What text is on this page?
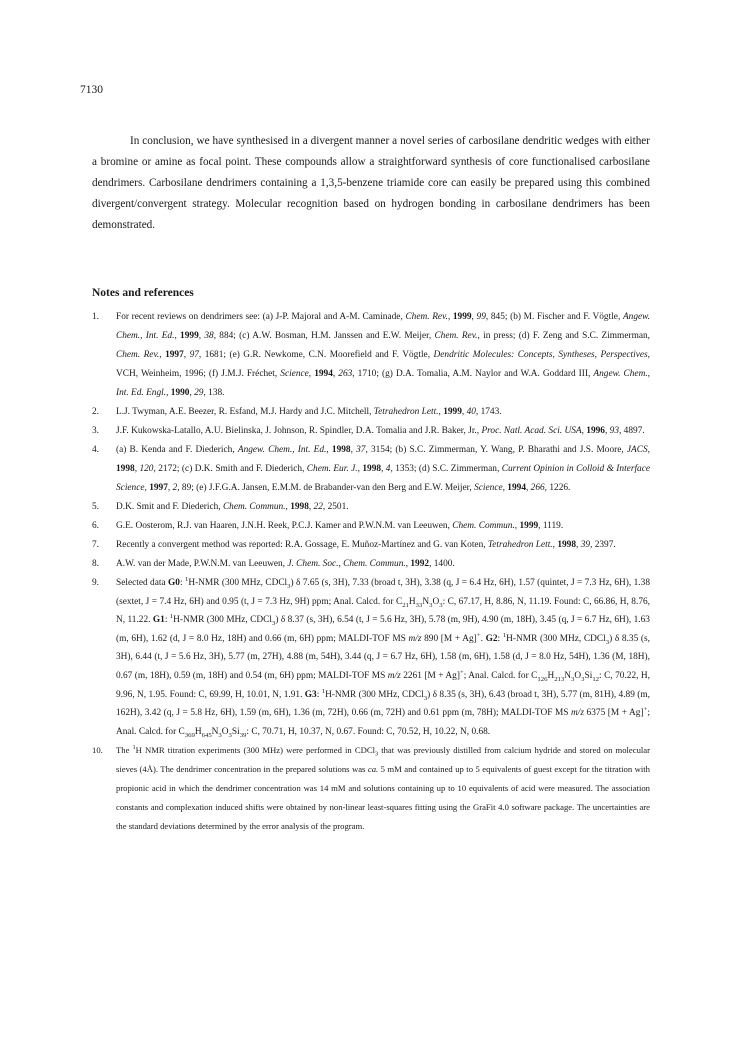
7130

In conclusion, we have synthesised in a divergent manner a novel series of carbosilane dendritic wedges with either a bromine or amine as focal point. These compounds allow a straightforward synthesis of core functionalised carbosilane dendrimers. Carbosilane dendrimers containing a 1,3,5-benzene triamide core can easily be prepared using this combined divergent/convergent strategy. Molecular recognition based on hydrogen bonding in carbosilane dendrimers has been demonstrated.

Notes and references
1.	For recent reviews on dendrimers see: (a) J-P. Majoral and A-M. Caminade, Chem. Rev., 1999, 99, 845; (b) M. Fischer and F. Vögtle, Angew. Chem., Int. Ed., 1999, 38, 884; (c) A.W. Bosman, H.M. Janssen and E.W. Meijer, Chem. Rev., in press; (d) F. Zeng and S.C. Zimmerman, Chem. Rev., 1997, 97, 1681; (e) G.R. Newkome, C.N. Moorefield and F. Vögtle, Dendritic Molecules: Concepts, Syntheses, Perspectives, VCH, Weinheim, 1996; (f) J.M.J. Fréchet, Science, 1994, 263, 1710; (g) D.A. Tomalia, A.M. Naylor and W.A. Goddard III, Angew. Chem., Int. Ed. Engl., 1990, 29, 138.
2.	L.J. Twyman, A.E. Beezer, R. Esfand, M.J. Hardy and J.C. Mitchell, Tetrahedron Lett., 1999, 40, 1743.
3.	J.F. Kukowska-Latallo, A.U. Bielinska, J. Johnson, R. Spindler, D.A. Tomalia and J.R. Baker, Jr., Proc. Natl. Acad. Sci. USA, 1996, 93, 4897.
4.	(a) B. Kenda and F. Diederich, Angew. Chem., Int. Ed., 1998, 37, 3154; (b) S.C. Zimmerman, Y. Wang, P. Bharathi and J.S. Moore, JACS, 1998, 120, 2172; (c) D.K. Smith and F. Diederich, Chem. Eur. J., 1998, 4, 1353; (d) S.C. Zimmerman, Current Opinion in Colloid & Interface Science, 1997, 2, 89; (e) J.F.G.A. Jansen, E.M.M. de Brabander-van den Berg and E.W. Meijer, Science, 1994, 266, 1226.
5.	D.K. Smit and F. Diederich, Chem. Commun., 1998, 22, 2501.
6.	G.E. Oosterom, R.J. van Haaren, J.N.H. Reek, P.C.J. Kamer and P.W.N.M. van Leeuwen, Chem. Commun., 1999, 1119.
7.	Recently a convergent method was reported: R.A. Gossage, E. Muñoz-Martínez and G. van Koten, Tetrahedron Lett., 1998, 39, 2397.
8.	A.W. van der Made, P.W.N.M. van Leeuwen, J. Chem. Soc., Chem. Commun., 1992, 1400.
9.	Selected data G0: $^1$H-NMR (300 MHz, CDCl$_3$) δ 7.65 (s, 3H), 7.33 (broad t, 3H), 3.38 (q, J = 6.4 Hz, 6H), 1.57 (quintet, J = 7.3 Hz, 6H), 1.38 (sextet, J = 7.4 Hz, 6H) and 0.95 (t, J = 7.3 Hz, 9H) ppm; Anal. Calcd. for $C_{21}H_{33}N_3O_3$: C, 67.17, H, 8.86, N, 11.19. Found: C, 66.86, H, 8.76, N, 11.22. G1: $^1$H-NMR (300 MHz, CDCl$_3$) δ 8.37 (s, 3H), 6.54 (t, J = 5.6 Hz, 3H), 5.78 (m, 9H), 4.90 (m, 18H), 3.45 (q, J = 6.7 Hz, 6H), 1.63 (m, 6H), 1.62 (d, J = 8.0 Hz, 18H) and 0.66 (m, 6H) ppm; MALDI-TOF MS m/z 890 [M + Ag]+. G2: $^1$H-NMR (300 MHz, CDCl$_3$) δ 8.35 (s, 3H), 6.44 (t, J = 5.6 Hz, 3H), 5.77 (m, 27H), 4.88 (m, 54H), 3.44 (q, J = 6.7 Hz, 6H), 1.58 (m, 6H), 1.58 (d, J = 8.0 Hz, 54H), 1.36 (M, 18H), 0.67 (m, 18H), 0.59 (m, 18H) and 0.54 (m, 6H) ppm; MALDI-TOF MS m/z 2261 [M + Ag]+; Anal. Calcd. for $C_{126}H_{213}N_3O_3Si_{12}$: C, 70.22, H, 9.96, N, 1.95. Found: C, 69.99, H, 10.01, N, 1.91. G3: $^1$H-NMR (300 MHz, CDCl$_3$) δ 8.35 (s, 3H), 6.43 (broad t, 3H), 5.77 (m, 81H), 4.89 (m, 162H), 3.42 (q, J = 5.8 Hz, 6H), 1.59 (m, 6H), 1.36 (m, 72H), 0.66 (m, 72H) and 0.61 ppm (m, 78H); MALDI-TOF MS m/z 6375 [M + Ag]+; Anal. Calcd. for $C_{369}H_{645}N_3O_3Si_{39}$: C, 70.71, H, 10.37, N, 0.67. Found: C, 70.52, H, 10.22, N, 0.68.
10.	The $^1$H NMR titration experiments (300 MHz) were performed in CDCl$_3$ that was previously distilled from calcium hydride and stored on molecular sieves (4Å). The dendrimer concentration in the prepared solutions was ca. 5 mM and contained up to 5 equivalents of guest except for the titration with propionic acid in which the dendrimer concentration was 14 mM and solutions containing up to 10 equivalents of acid were measured. The association constants and complexation induced shifts were obtained by non-linear least-squares fitting using the GraFit 4.0 software package. The uncertainties are the standard deviations determined by the error analysis of the program.
